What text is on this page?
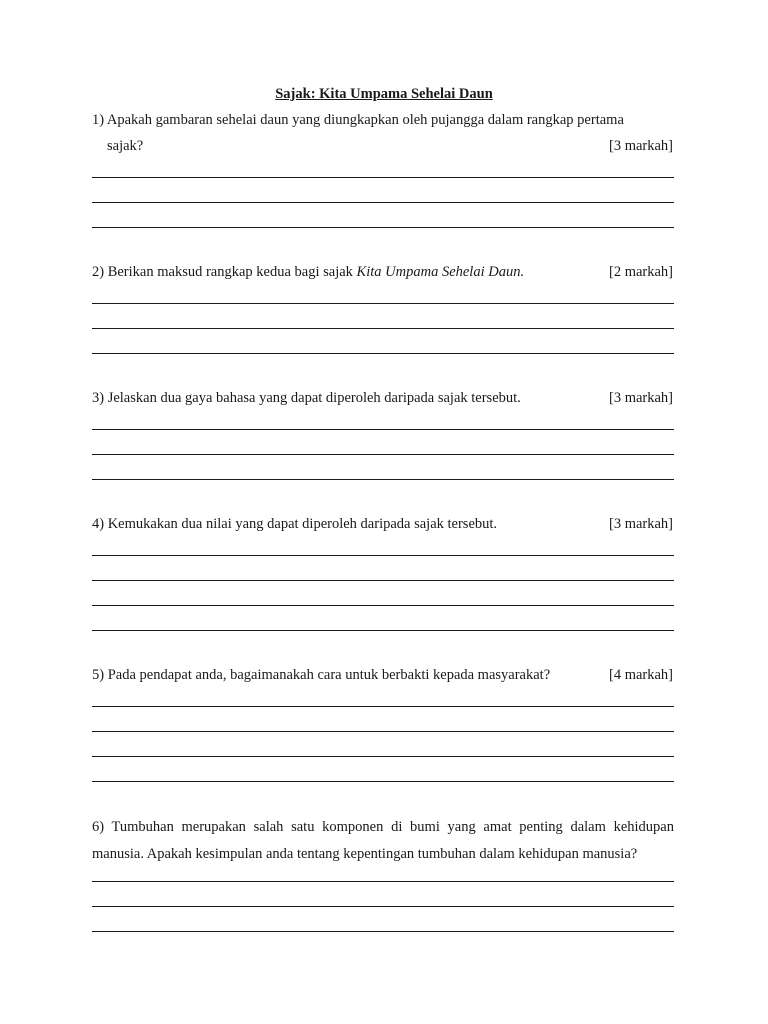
Sajak: Kita Umpama Sehelai Daun
1) Apakah gambaran sehelai daun yang diungkapkan oleh pujangga dalam rangkap pertama
sajak?	[3 markah]
2) Berikan maksud rangkap kedua bagi sajak Kita Umpama Sehelai Daun.	[2 markah]
3) Jelaskan dua gaya bahasa yang dapat diperoleh daripada sajak tersebut.	[3 markah]
4) Kemukakan dua nilai yang dapat diperoleh daripada sajak tersebut.	[3 markah]
5) Pada pendapat anda, bagaimanakah cara untuk berbakti kepada masyarakat?	[4 markah]
6) Tumbuhan merupakan salah satu komponen di bumi yang amat penting dalam kehidupan
manusia. Apakah kesimpulan anda tentang kepentingan tumbuhan dalam kehidupan manusia?
